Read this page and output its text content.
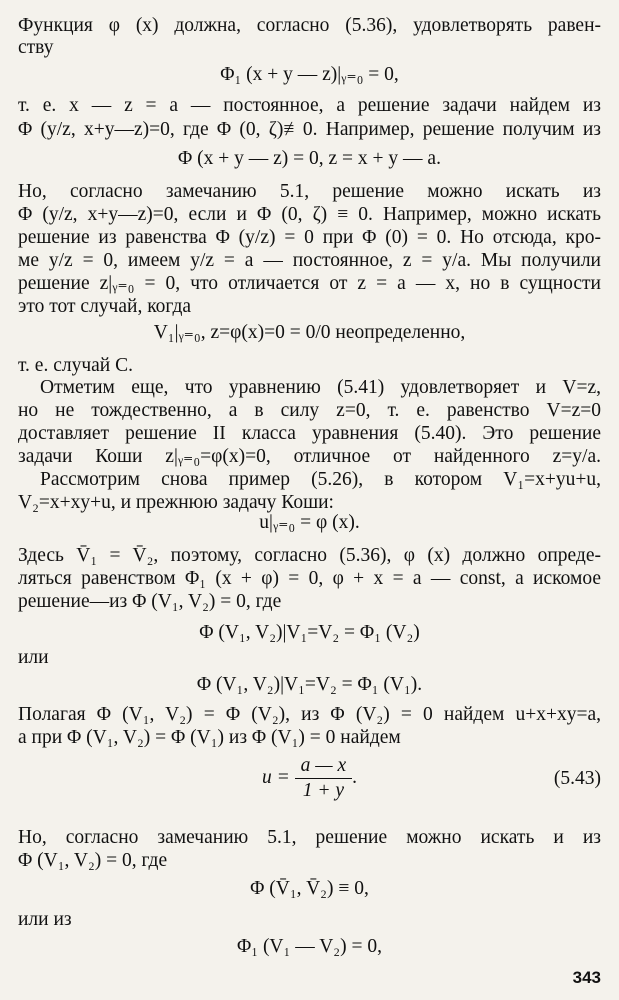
Функция φ (x) должна, согласно (5.36), удовлетворять равен-
ству
Φ₁ (x + y — z)|ᵧ₌₀ = 0,
т. е. x — z = a — постоянное, а решение задачи найдем из
Φ (y/z, x+y—z)=0, где Φ (0, ζ)≢0. Например, решение получим из
Φ (x + y — z) = 0, z = x + y — a.
Но, согласно замечанию 5.1, решение можно искать из
Φ (y/z, x+y—z)=0, если и Φ (0, ζ) ≡ 0. Например, можно искать
решение из равенства Φ (y/z) = 0 при Φ (0) = 0. Но отсюда, кро-
ме y/z = 0, имеем y/z = a — постоянное, z = y/a. Мы получили
решение z|ᵧ₌₀ = 0, что отличается от z = a — x, но в сущности
это тот случай, когда
V₁|ᵧ₌₀, z=φ(x)=0 = 0/0 неопределенно,
т. е. случай C.
Отметим еще, что уравнению (5.41) удовлетворяет и V=z,
но не тождественно, а в силу z=0, т. е. равенство V=z=0
доставляет решение II класса уравнения (5.40). Это решение
задачи Коши z|ᵧ₌₀=φ(x)=0, отличное от найденного z=y/a.
Рассмотрим снова пример (5.26), в котором V₁=x+yu+u,
V₂=x+xy+u, и прежнюю задачу Коши:
u|ᵧ₌₀ = φ (x).
Здесь V̄₁ = V̄₂, поэтому, согласно (5.36), φ (x) должно опреде-
ляться равенством Φ₁ (x + φ) = 0, φ + x = a — const, а искомое
решение—из Φ (V₁, V₂) = 0, где
Φ (V₁, V₂)|V₁=V₂ = Φ₁ (V₂)
или
Φ (V₁, V₂)|V₁=V₂ = Φ₁ (V₁).
Полагая Φ (V₁, V₂) = Φ (V₂), из Φ (V₂) = 0 найдем u+x+xy=a,
а при Φ (V₁, V₂) = Φ (V₁) из Φ (V₁) = 0 найдем
$u = \frac{a — x}{1 + y}$ .	(5.43)
Но, согласно замечанию 5.1, решение можно искать и из
Φ (V₁, V₂) = 0, где
Φ (V̄₁, V̄₂) ≡ 0,
или из
Φ₁ (V₁ — V₂) = 0,
343
